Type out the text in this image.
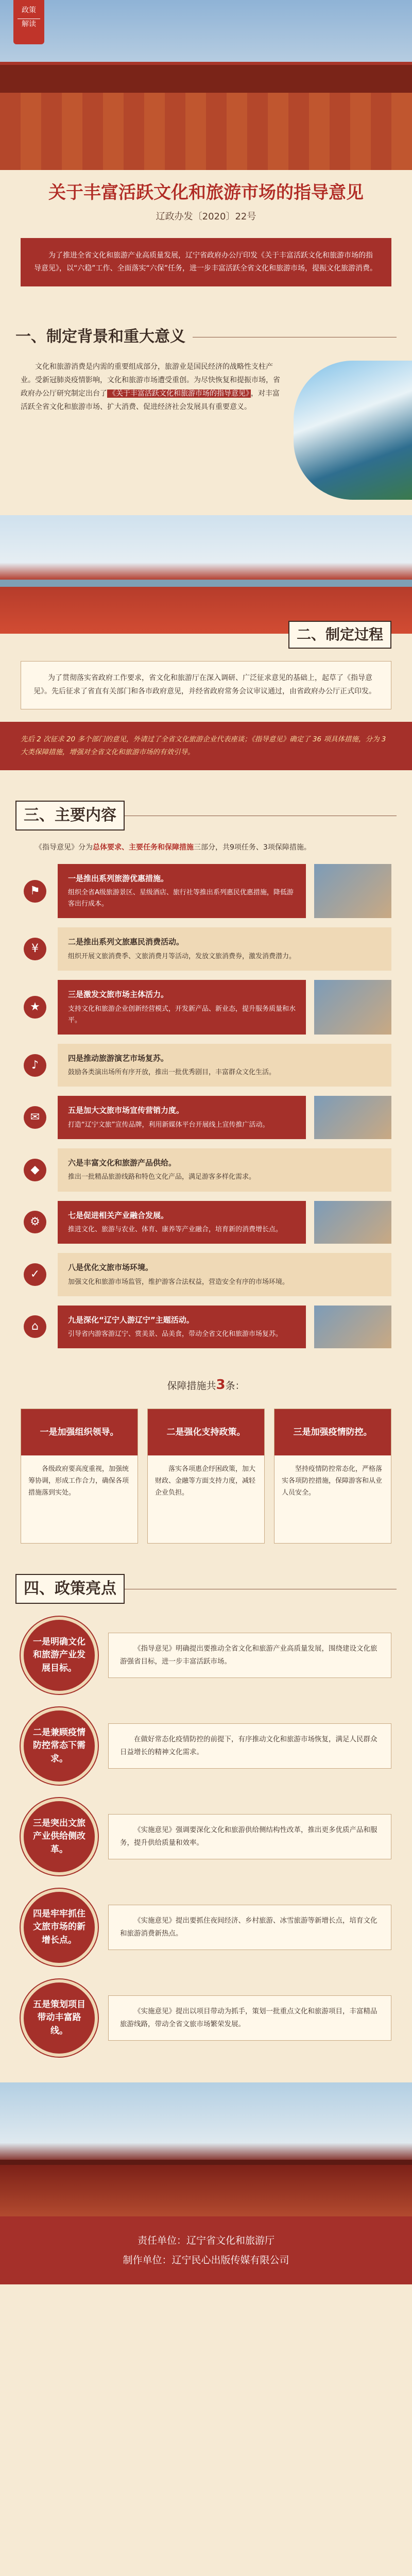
政策
解读
关于丰富活跃文化和旅游市场的指导意见
辽政办发〔2020〕22号

为了推进全省文化和旅游产业高质量发展，辽宁省政府办公厅印发《关于丰富活跃文化和旅游市场的指导意见》，以“六稳”工作、全面落实“六保”任务，进一步丰富活跃全省文化和旅游市场，提振文化旅游消费。

一、制定背景和重大意义

文化和旅游消费是内需的重要组成部分，旅游业是国民经济的战略性支柱产业。受新冠肺炎疫情影响，文化和旅游市场遭受重创。为尽快恢复和提振市场，省政府办公厅研究制定出台了 《关于丰富活跃文化和旅游市场的指导意见》 ，对丰富活跃全省文化和旅游市场、扩大消费、促进经济社会发展具有重要意义。

二、制定过程

为了贯彻落实省政府工作要求，省文化和旅游厅在深入调研、广泛征求意见的基础上，起草了《指导意见》。先后征求了省直有关部门和各市政府意见，并经省政府常务会议审议通过，由省政府办公厅正式印发。

先后 2 次征求 20 多个部门的意见，外请过了全省文化旅游企业代表座谈；《指导意见》确定了 36 项具体措施，分为 3 大类保障措施，增强对全省文化和旅游市场的有效引导。

三、主要内容

《指导意见》分为总体要求、主要任务和保障措施三部分，共9项任务、3项保障措施。

⚑
一是推出系列旅游优惠措施。
组织全省A级旅游景区、星级酒店、旅行社等推出系列惠民优惠措施，降低游客出行成本。
¥
二是推出系列文旅惠民消费活动。
组织开展文旅消费季、文旅消费月等活动，发放文旅消费券，激发消费潜力。
★
三是激发文旅市场主体活力。
支持文化和旅游企业创新经营模式，开发新产品、新业态，提升服务质量和水平。
♪
四是推动旅游演艺市场复苏。
鼓励各类演出场所有序开放，推出一批优秀剧目，丰富群众文化生活。
✉
五是加大文旅市场宣传营销力度。
打造“辽宁文旅”宣传品牌，利用新媒体平台开展线上宣传推广活动。
◆
六是丰富文化和旅游产品供给。
推出一批精品旅游线路和特色文化产品，满足游客多样化需求。
⚙
七是促进相关产业融合发展。
推进文化、旅游与农业、体育、康养等产业融合，培育新的消费增长点。
✓
八是优化文旅市场环境。
加强文化和旅游市场监管，维护游客合法权益，营造安全有序的市场环境。
⌂
九是深化“辽宁人游辽宁”主题活动。
引导省内游客游辽宁、赏美景、品美食，带动全省文化和旅游市场复苏。
保障措施共3条：
一是加强组织领导。
各级政府要高度重视，加强统筹协调，形成工作合力，确保各项措施落到实处。
二是强化支持政策。
落实各项惠企纾困政策，加大财政、金融等方面支持力度，减轻企业负担。
三是加强疫情防控。
坚持疫情防控常态化，严格落实各项防控措施，保障游客和从业人员安全。
四、政策亮点
一是明确文化和旅游产业发展目标。
《指导意见》明确提出要推动全省文化和旅游产业高质量发展，围绕建设文化旅游强省目标，进一步丰富活跃市场。
二是兼顾疫情防控常态下需求。
在做好常态化疫情防控的前提下，有序推动文化和旅游市场恢复，满足人民群众日益增长的精神文化需求。
三是突出文旅产业供给侧改革。
《实施意见》强调要深化文化和旅游供给侧结构性改革，推出更多优质产品和服务，提升供给质量和效率。
四是牢牢抓住文旅市场的新增长点。
《实施意见》提出要抓住夜间经济、乡村旅游、冰雪旅游等新增长点，培育文化和旅游消费新热点。
五是策划项目带动丰富路线。
《实施意见》提出以项目带动为抓手，策划一批重点文化和旅游项目，丰富精品旅游线路，带动全省文旅市场繁荣发展。
责任单位：辽宁省文化和旅游厅
制作单位：辽宁民心出版传媒有限公司
